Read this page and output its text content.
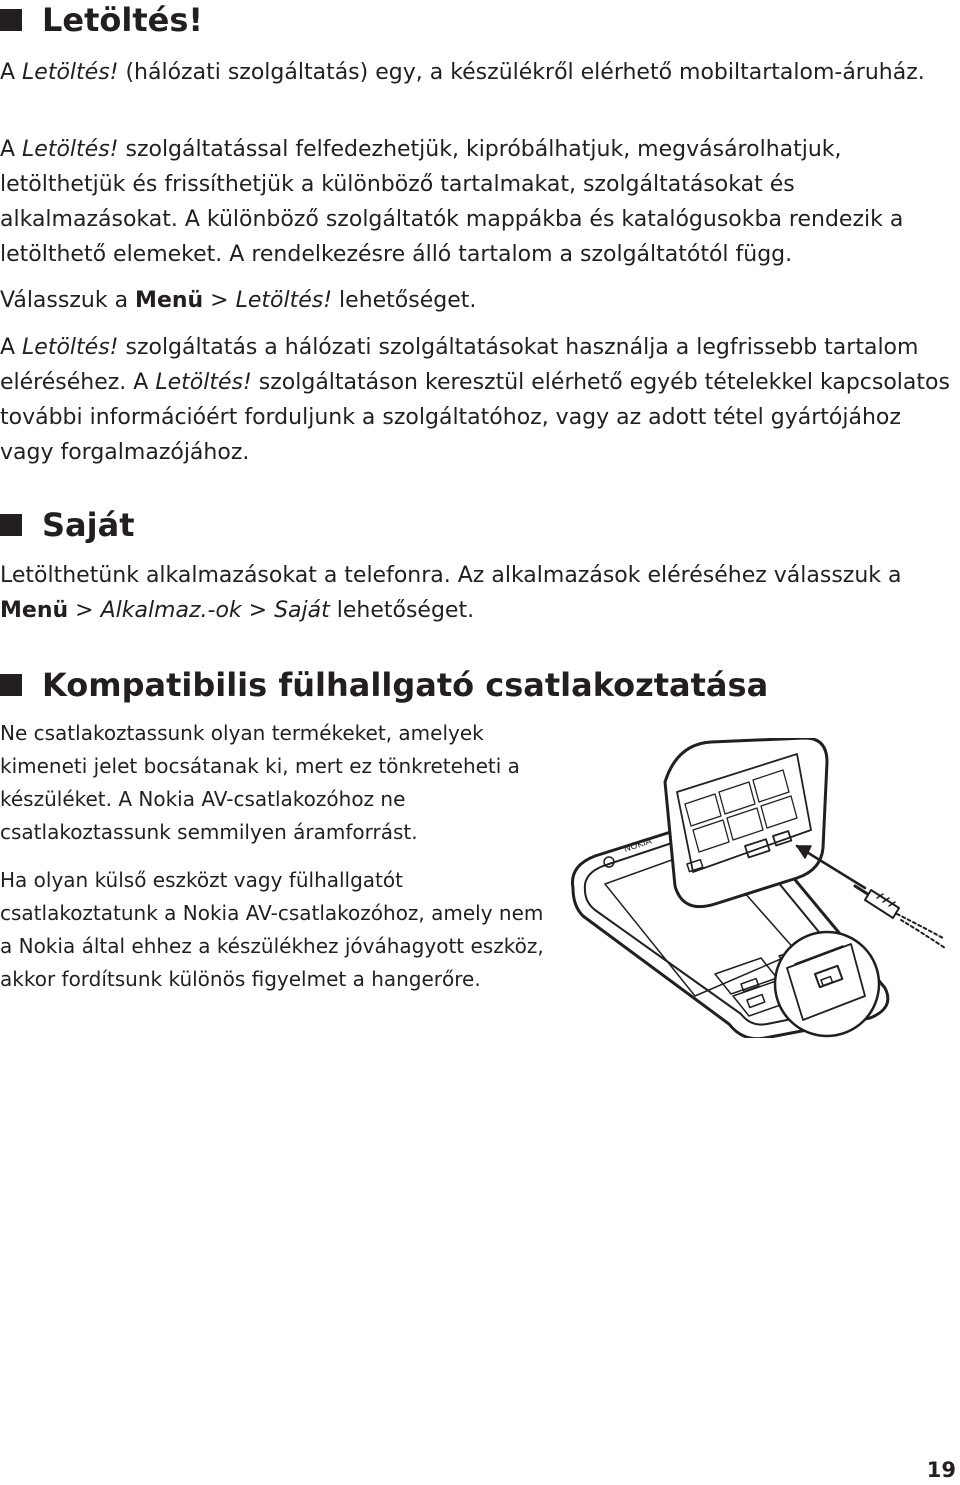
Letöltés!

A Letöltés! (hálózati szolgáltatás) egy, a készülékről elérhető mobiltartalom-áruház.

A Letöltés! szolgáltatással felfedezhetjük, kipróbálhatjuk, megvásárolhatjuk, letölthetjük és frissíthetjük a különböző tartalmakat, szolgáltatásokat és alkalmazásokat. A különböző szolgáltatók mappákba és katalógusokba rendezik a letölthető elemeket. A rendelkezésre álló tartalom a szolgáltatótól függ.

Válasszuk a Menü > Letöltés! lehetőséget.

A Letöltés! szolgáltatás a hálózati szolgáltatásokat használja a legfrissebb tartalom eléréséhez. A Letöltés! szolgáltatáson keresztül elérhető egyéb tételekkel kapcsolatos további információért forduljunk a szolgáltatóhoz, vagy az adott tétel gyártójához vagy forgalmazójához.

Saját

Letölthetünk alkalmazásokat a telefonra. Az alkalmazások eléréséhez válasszuk a Menü > Alkalmaz.-ok > Saját lehetőséget.

Kompatibilis fülhallgató csatlakoztatása

Ne csatlakoztassunk olyan termékeket, amelyek kimeneti jelet bocsátanak ki, mert ez tönkreteheti a készüléket. A Nokia AV-csatlakozóhoz ne csatlakoztassunk semmilyen áramforrást.

Ha olyan külső eszközt vagy fülhallgatót csatlakoztatunk a Nokia AV-csatlakozóhoz, amely nem a Nokia által ehhez a készülékhez jóváhagyott eszköz, akkor fordítsunk különös figyelmet a hangerőre.

NOKIA
19
